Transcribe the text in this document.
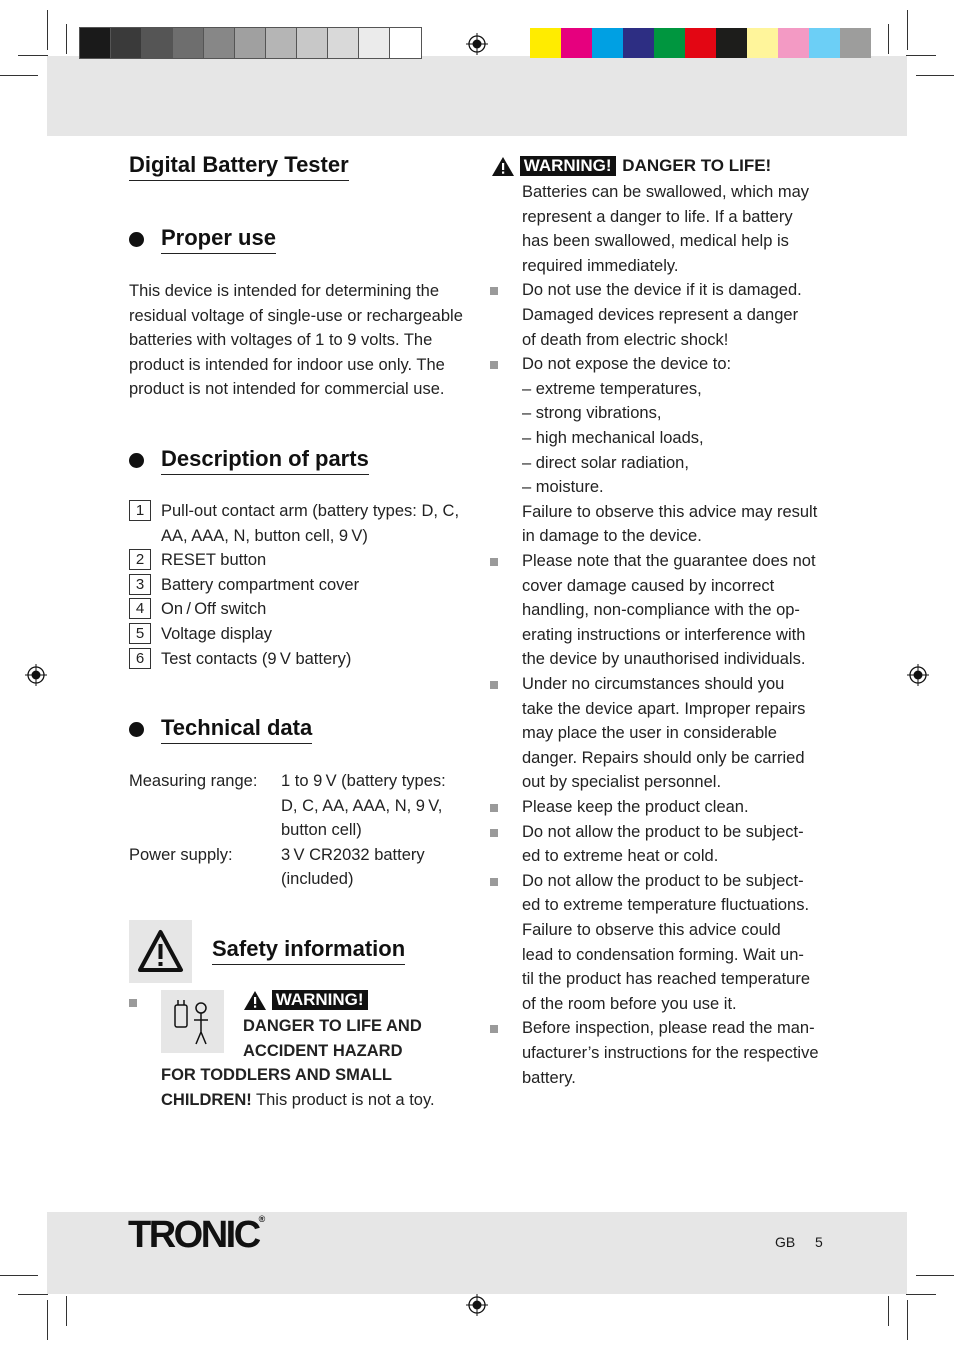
Digital Battery Tester
Proper use
This device is intended for determining the
residual voltage of single-use or rechargeable
batteries with voltages of 1 to 9 volts. The
product is intended for indoor use only. The
product is not intended for commercial use.
Description of parts
1	Pull-out contact arm (battery types: D, C,
AA, AAA, N, button cell, 9 V)
2	RESET button
3	Battery compartment cover
4	On / Off switch
5	Voltage display
6	Test contacts (9 V battery)
Technical data
Measuring range: 1 to 9 V (battery types:
D, C, AA, AAA, N, 9 V,
button cell)
Power supply:	3 V CR2032 battery
(included)
Safety information
WARNING!
DANGER TO LIFE AND
ACCIDENT HAZARD
FOR TODDLERS AND SMALL
CHILDREN! This product is not a toy.
WARNING! DANGER TO LIFE!
Batteries can be swallowed, which may
represent a danger to life. If a battery
has been swallowed, medical help is
required immediately.
Do not use the device if it is damaged.
Damaged devices represent a danger
of death from electric shock!
Do not expose the device to:
– extreme temperatures,
– strong vibrations,
– high mechanical loads,
– direct solar radiation,
– moisture.
Failure to observe this advice may result
in damage to the device.
Please note that the guarantee does not
cover damage caused by incorrect
handling, non-compliance with the op-
erating instructions or interference with
the device by unauthorised individuals.
Under no circumstances should you
take the device apart. Improper repairs
may place the user in considerable
danger. Repairs should only be carried
out by specialist personnel.
Please keep the product clean.
Do not allow the product to be subject-
ed to extreme heat or cold.
Do not allow the product to be subject-
ed to extreme temperature fluctuations.
Failure to observe this advice could
lead to condensation forming. Wait un-
til the product has reached temperature
of the room before you use it.
Before inspection, please read the man-
ufacturer’s instructions for the respective
battery.
TRONIC®
GB 5
